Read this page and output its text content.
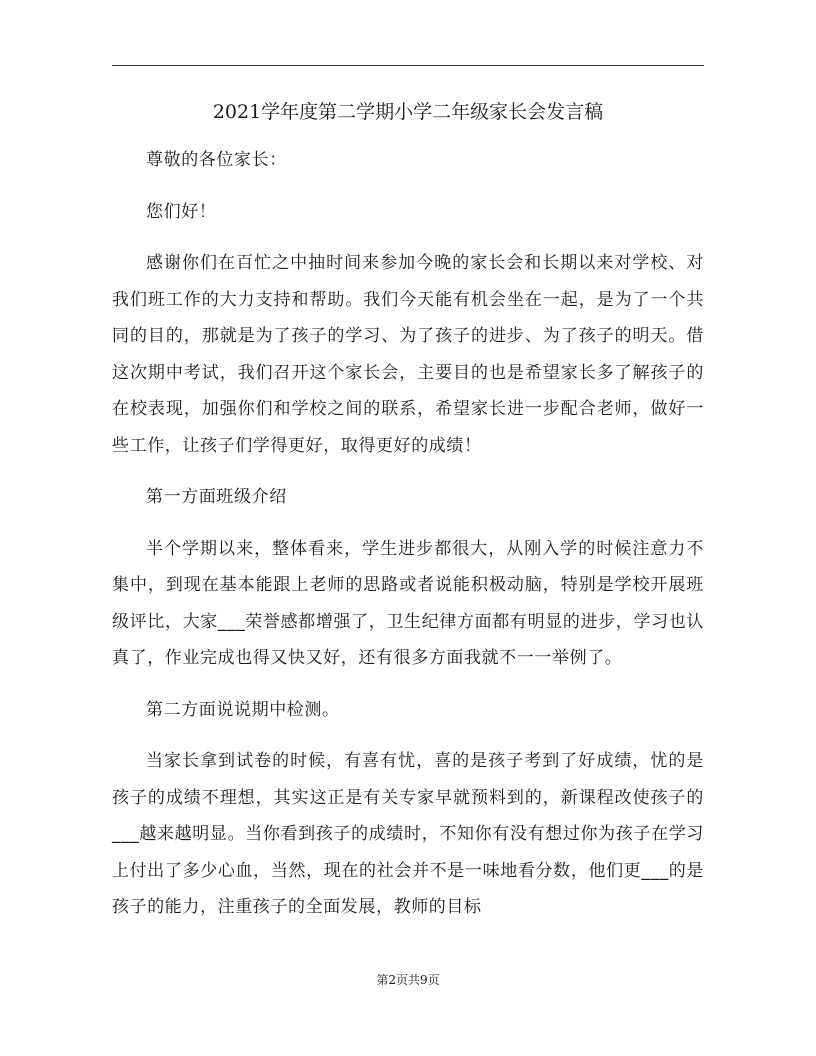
2021学年度第二学期小学二年级家长会发言稿

尊敬的各位家长：

您们好！

感谢你们在百忙之中抽时间来参加今晚的家长会和长期以来对学校、对我们班工作的大力支持和帮助。我们今天能有机会坐在一起，是为了一个共同的目的，那就是为了孩子的学习、为了孩子的进步、为了孩子的明天。借这次期中考试，我们召开这个家长会，主要目的也是希望家长多了解孩子的在校表现，加强你们和学校之间的联系，希望家长进一步配合老师，做好一些工作，让孩子们学得更好，取得更好的成绩！

第一方面班级介绍

半个学期以来，整体看来，学生进步都很大，从刚入学的时候注意力不集中，到现在基本能跟上老师的思路或者说能积极动脑，特别是学校开展班级评比，大家___荣誉感都增强了，卫生纪律方面都有明显的进步，学习也认真了，作业完成也得又快又好，还有很多方面我就不一一举例了。

第二方面说说期中检测。

当家长拿到试卷的时候，有喜有忧，喜的是孩子考到了好成绩，忧的是孩子的成绩不理想，其实这正是有关专家早就预料到的，新课程改使孩子的___越来越明显。当你看到孩子的成绩时，不知你有没有想过你为孩子在学习上付出了多少心血，当然，现在的社会并不是一味地看分数，他们更___的是孩子的能力，注重孩子的全面发展，教师的目标

第2页共9页
